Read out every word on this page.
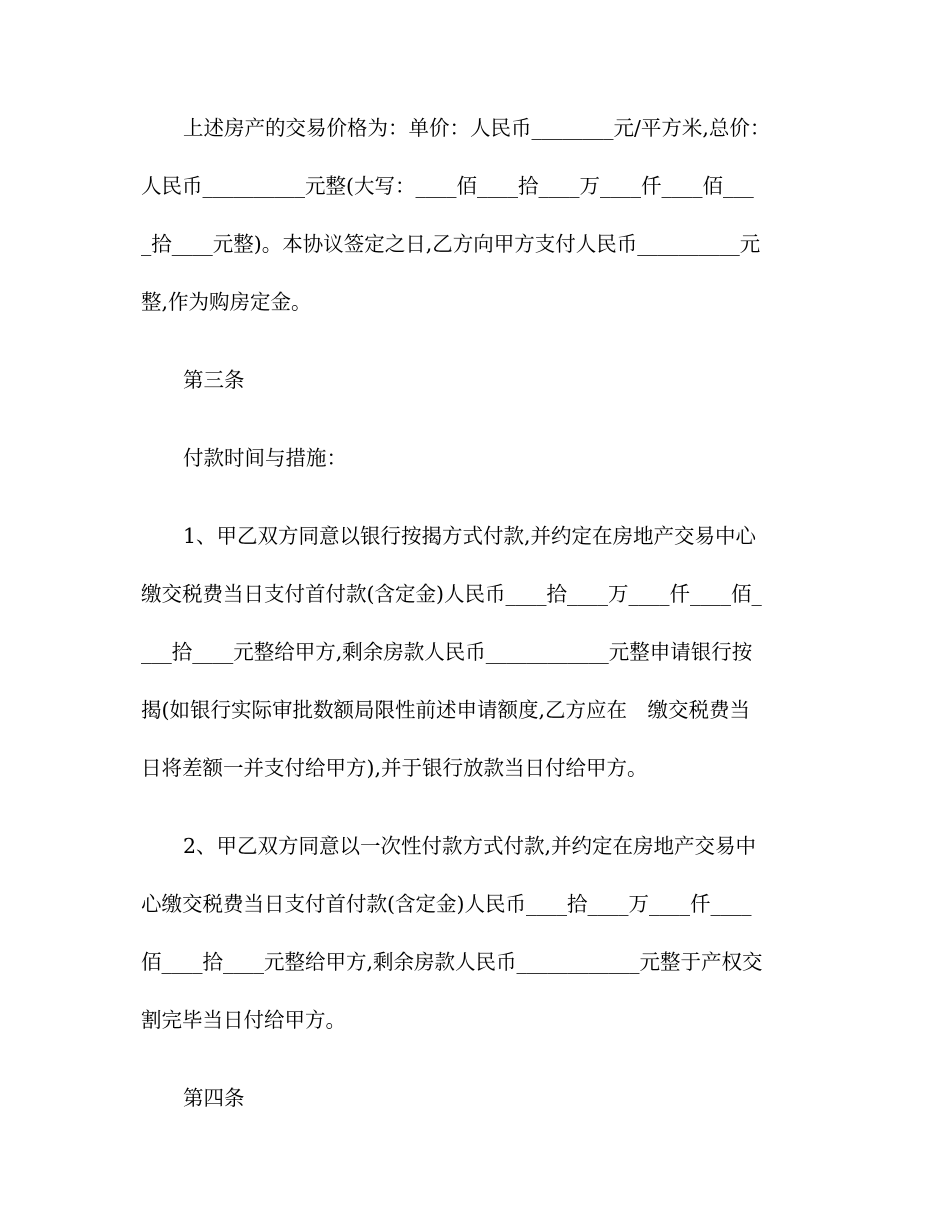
上述房产的交易价格为：单价：人民币________元/平方米,总价：
人民币__________元整(大写：____佰____拾____万____仟____佰___
_拾____元整)。本协议签定之日,乙方向甲方支付人民币__________元
整,作为购房定金。
第三条
付款时间与措施：
1、甲乙双方同意以银行按揭方式付款,并约定在房地产交易中心
缴交税费当日支付首付款(含定金)人民币____拾____万____仟____佰_
___拾____元整给甲方,剩余房款人民币____________元整申请银行按
揭(如银行实际审批数额局限性前述申请额度,乙方应在　缴交税费当
日将差额一并支付给甲方),并于银行放款当日付给甲方。
2、甲乙双方同意以一次性付款方式付款,并约定在房地产交易中
心缴交税费当日支付首付款(含定金)人民币____拾____万____仟____
佰____拾____元整给甲方,剩余房款人民币____________元整于产权交
割完毕当日付给甲方。
第四条
